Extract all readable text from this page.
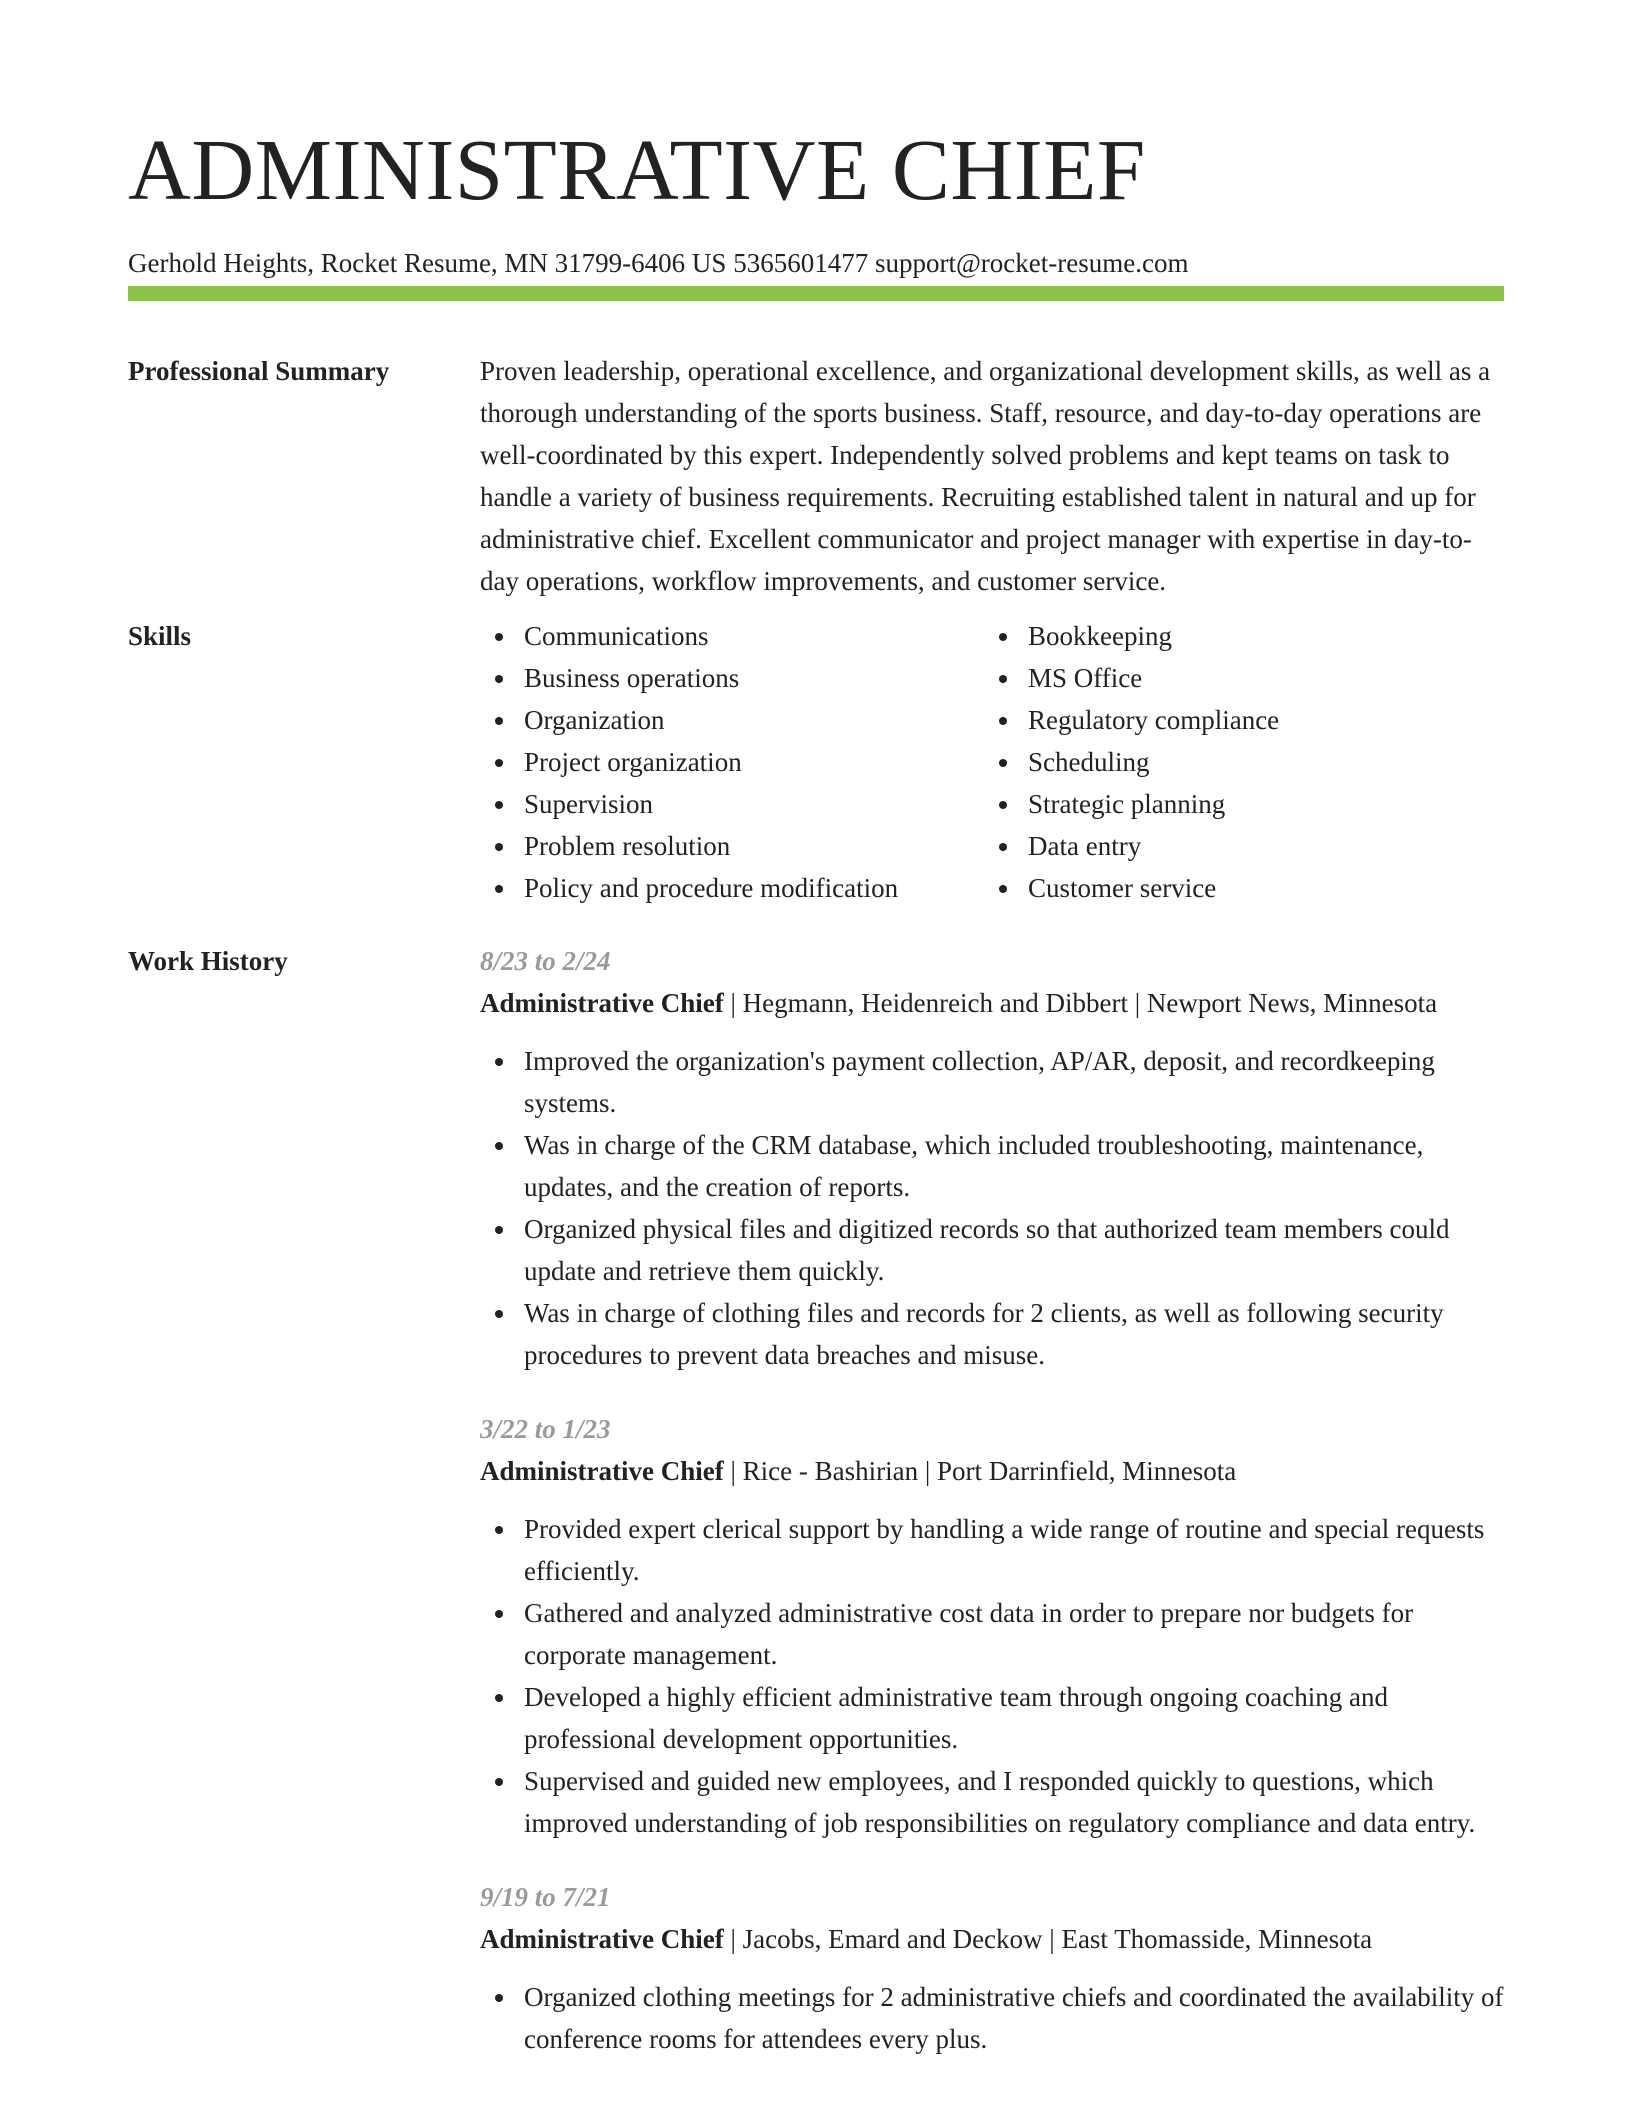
ADMINISTRATIVE CHIEF
Gerhold Heights, Rocket Resume, MN 31799-6406 US 5365601477 support@rocket-resume.com
Professional Summary	Proven leadership, operational excellence, and organizational development skills, as well as a thorough understanding of the sports business. Staff, resource, and day-to-day operations are well-coordinated by this expert. Independently solved problems and kept teams on task to handle a variety of business requirements. Recruiting established talent in natural and up for administrative chief. Excellent communicator and project manager with expertise in day-to-day operations, workflow improvements, and customer service.

Skills	Communications
Business operations
Organization
Project organization
Supervision
Problem resolution
Policy and procedure modification
Bookkeeping
MS Office
Regulatory compliance
Scheduling
Strategic planning
Data entry
Customer service
Work History	8/23 to 2/24
Administrative Chief | Hegmann, Heidenreich and Dibbert | Newport News, Minnesota
Improved the organization's payment collection, AP/AR, deposit, and recordkeeping systems.
Was in charge of the CRM database, which included troubleshooting, maintenance, updates, and the creation of reports.
Organized physical files and digitized records so that authorized team members could update and retrieve them quickly.
Was in charge of clothing files and records for 2 clients, as well as following security procedures to prevent data breaches and misuse.
3/22 to 1/23
Administrative Chief | Rice - Bashirian | Port Darrinfield, Minnesota
Provided expert clerical support by handling a wide range of routine and special requests efficiently.
Gathered and analyzed administrative cost data in order to prepare nor budgets for corporate management.
Developed a highly efficient administrative team through ongoing coaching and professional development opportunities.
Supervised and guided new employees, and I responded quickly to questions, which improved understanding of job responsibilities on regulatory compliance and data entry.
9/19 to 7/21
Administrative Chief | Jacobs, Emard and Deckow | East Thomasside, Minnesota
Organized clothing meetings for 2 administrative chiefs and coordinated the availability of conference rooms for attendees every plus.
